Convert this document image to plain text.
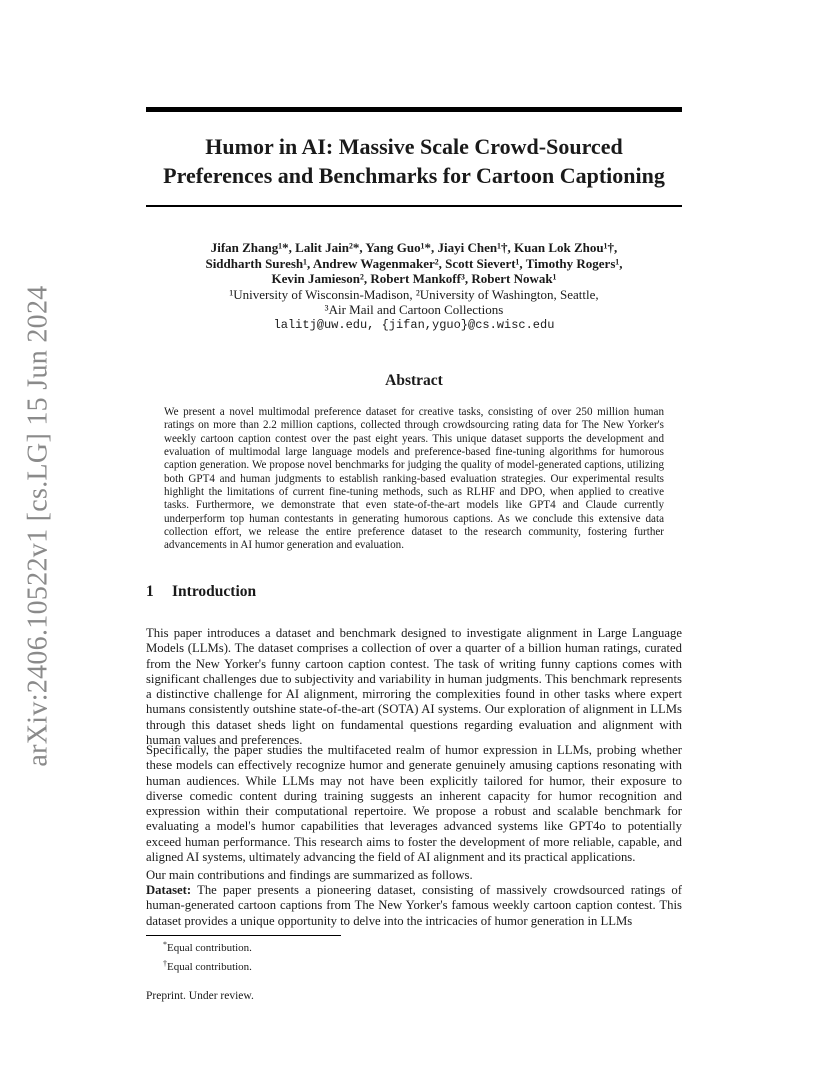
arXiv:2406.10522v1 [cs.LG] 15 Jun 2024
Humor in AI: Massive Scale Crowd-Sourced
Preferences and Benchmarks for Cartoon Captioning
Jifan Zhang¹*, Lalit Jain²*, Yang Guo¹*, Jiayi Chen¹†, Kuan Lok Zhou¹†,
Siddharth Suresh¹, Andrew Wagenmaker², Scott Sievert¹, Timothy Rogers¹,
Kevin Jamieson², Robert Mankoff³, Robert Nowak¹
¹University of Wisconsin-Madison, ²University of Washington, Seattle,
³Air Mail and Cartoon Collections
lalitj@uw.edu, {jifan,yguo}@cs.wisc.edu
Abstract

We present a novel multimodal preference dataset for creative tasks, consisting of over 250 million human ratings on more than 2.2 million captions, collected through crowdsourcing rating data for The New Yorker's weekly cartoon caption contest over the past eight years. This unique dataset supports the development and evaluation of multimodal large language models and preference-based fine-tuning algorithms for humorous caption generation. We propose novel benchmarks for judging the quality of model-generated captions, utilizing both GPT4 and human judgments to establish ranking-based evaluation strategies. Our experimental results highlight the limitations of current fine-tuning methods, such as RLHF and DPO, when applied to creative tasks. Furthermore, we demonstrate that even state-of-the-art models like GPT4 and Claude currently underperform top human contestants in generating humorous captions. As we conclude this extensive data collection effort, we release the entire preference dataset to the research community, fostering further advancements in AI humor generation and evaluation.

1 Introduction

This paper introduces a dataset and benchmark designed to investigate alignment in Large Language Models (LLMs). The dataset comprises a collection of over a quarter of a billion human ratings, curated from the New Yorker's funny cartoon caption contest. The task of writing funny captions comes with significant challenges due to subjectivity and variability in human judgments. This benchmark represents a distinctive challenge for AI alignment, mirroring the complexities found in other tasks where expert humans consistently outshine state-of-the-art (SOTA) AI systems. Our exploration of alignment in LLMs through this dataset sheds light on fundamental questions regarding evaluation and alignment with human values and preferences.

Specifically, the paper studies the multifaceted realm of humor expression in LLMs, probing whether these models can effectively recognize humor and generate genuinely amusing captions resonating with human audiences. While LLMs may not have been explicitly tailored for humor, their exposure to diverse comedic content during training suggests an inherent capacity for humor recognition and expression within their computational repertoire. We propose a robust and scalable benchmark for evaluating a model's humor capabilities that leverages advanced systems like GPT4o to potentially exceed human performance. This research aims to foster the development of more reliable, capable, and aligned AI systems, ultimately advancing the field of AI alignment and its practical applications.

Our main contributions and findings are summarized as follows.

Dataset: The paper presents a pioneering dataset, consisting of massively crowdsourced ratings of human-generated cartoon captions from The New Yorker's famous weekly cartoon caption contest. This dataset provides a unique opportunity to delve into the intricacies of humor generation in LLMs

*Equal contribution.
†Equal contribution.
Preprint. Under review.
